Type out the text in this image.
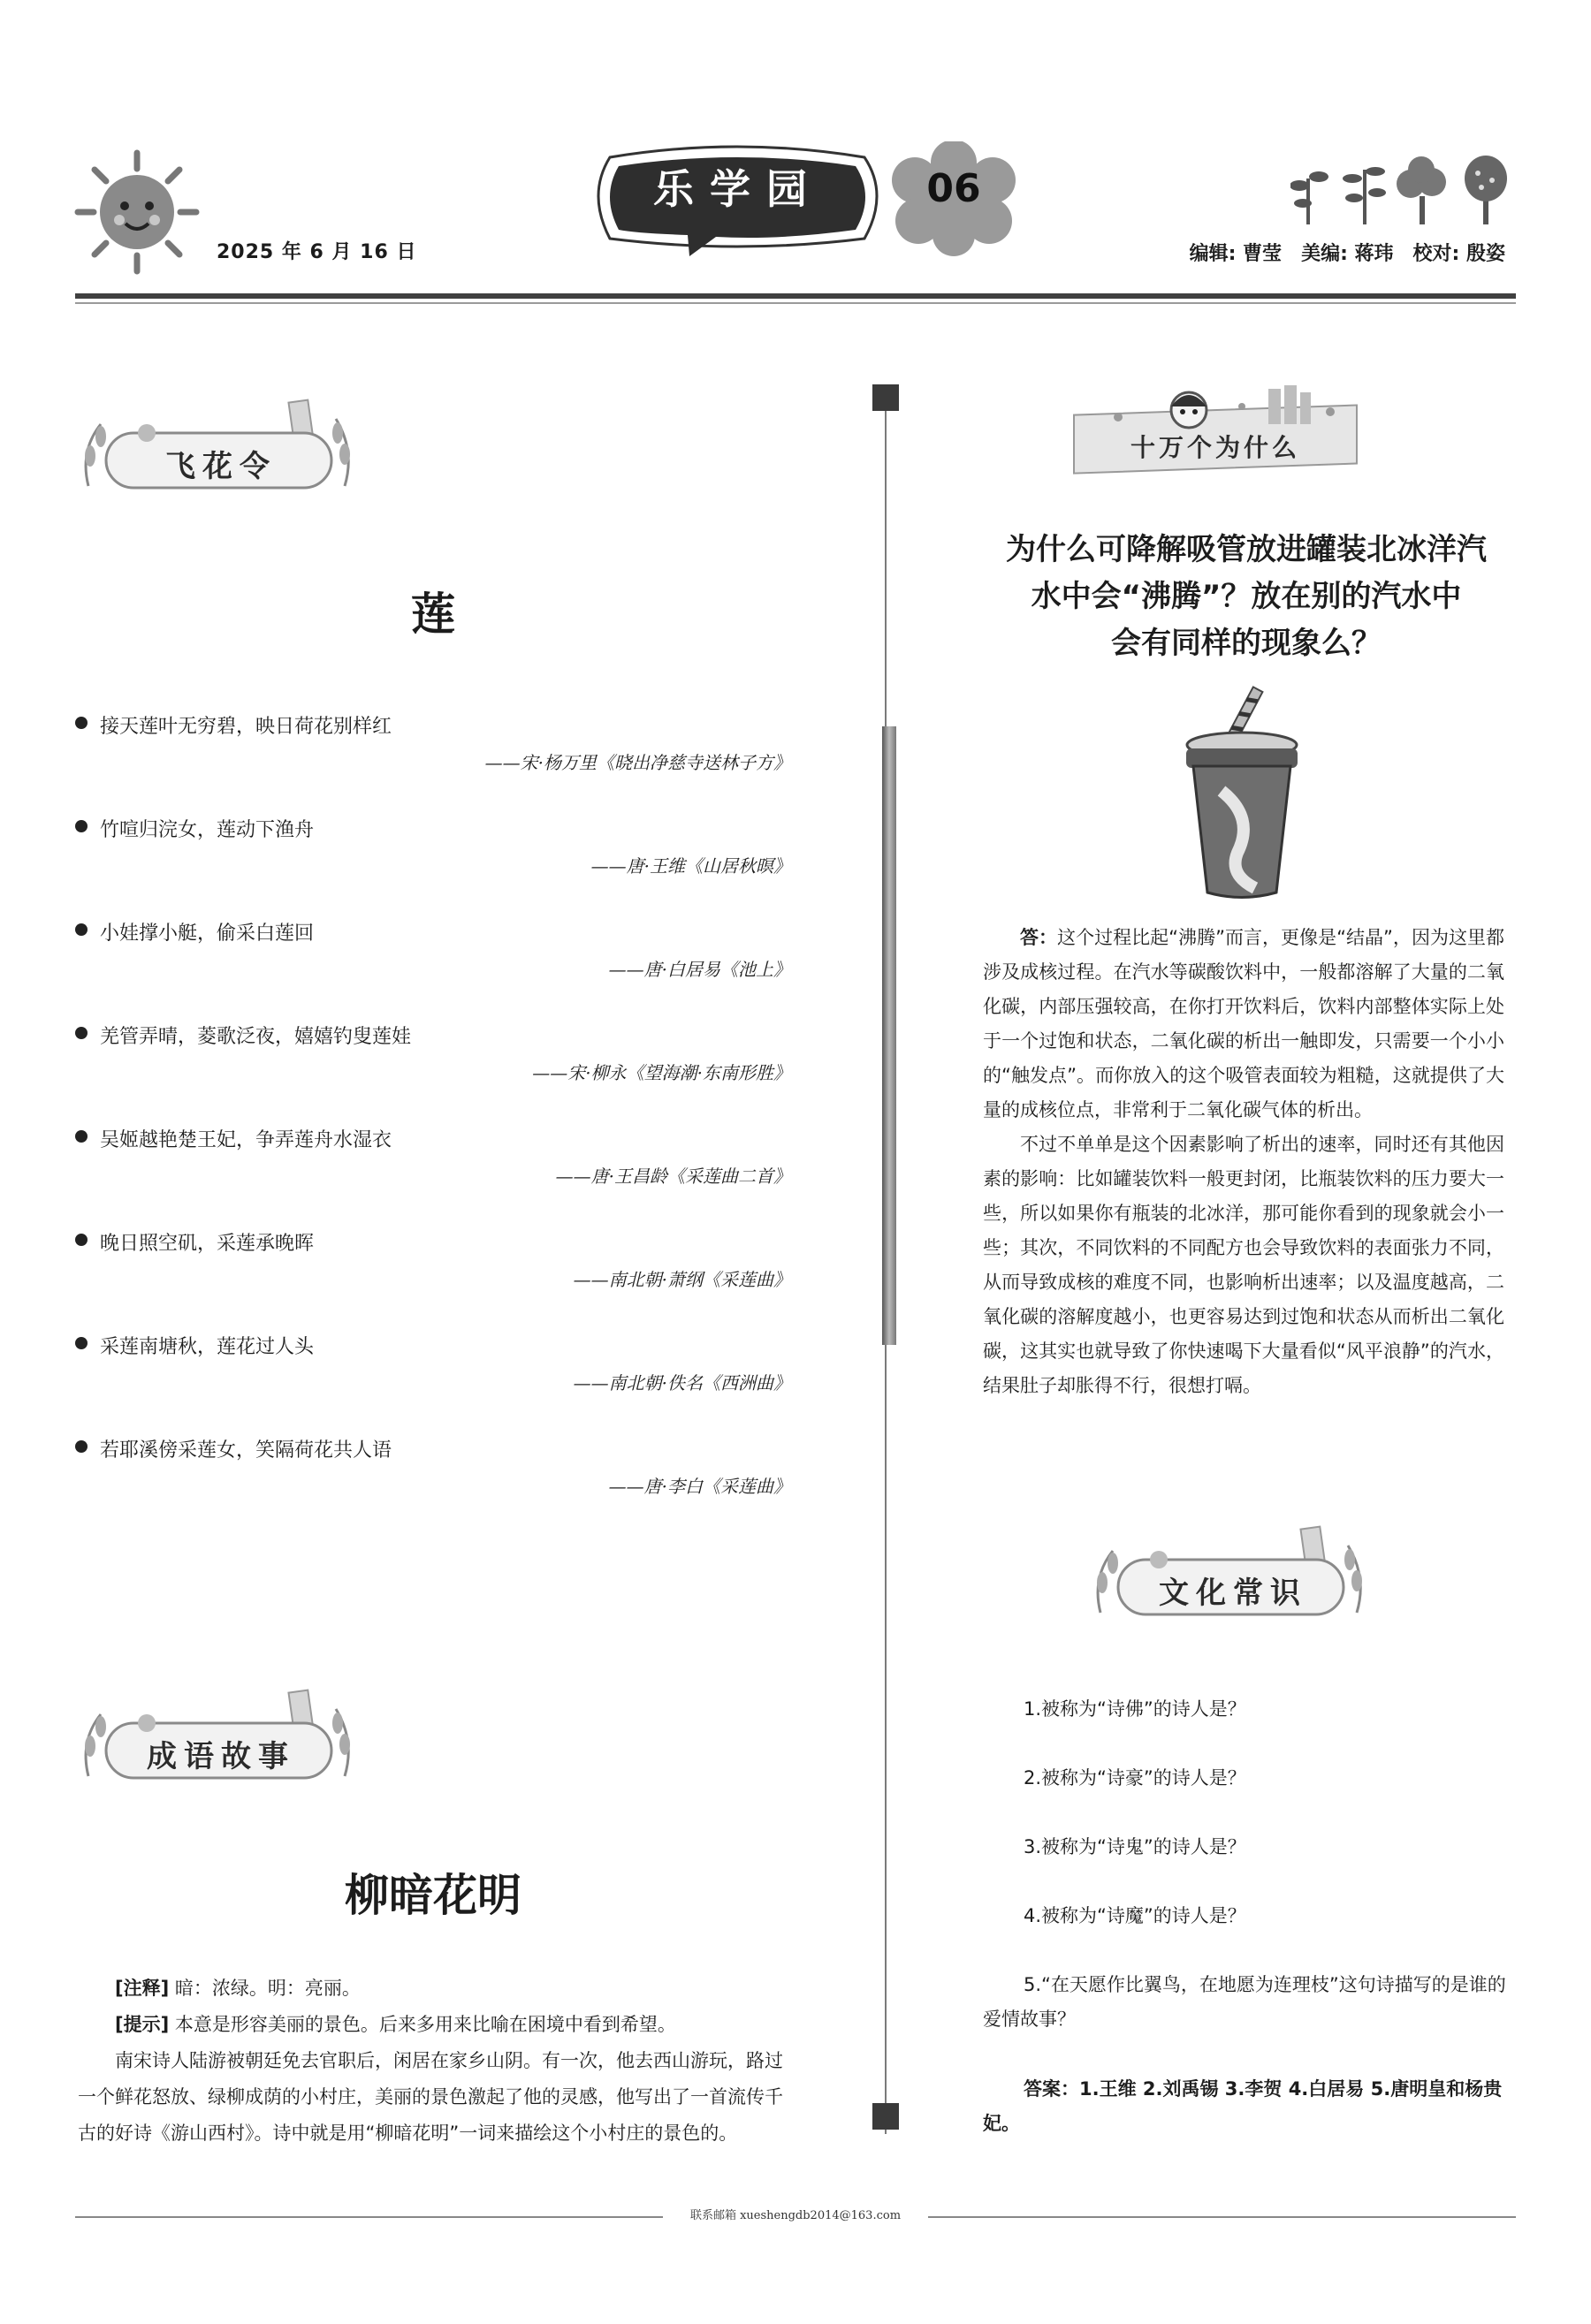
2025 年 6 月 16 日
乐学园	06
编辑: 曹莹 美编: 蒋玮 校对: 殷姿
飞花令
莲
接天莲叶无穷碧，映日荷花别样红
——宋·杨万里《晓出净慈寺送林子方》
竹喧归浣女，莲动下渔舟
——唐·王维《山居秋暝》
小娃撑小艇，偷采白莲回
——唐·白居易《池上》
羌管弄晴，菱歌泛夜，嬉嬉钓叟莲娃
——宋·柳永《望海潮·东南形胜》
吴姬越艳楚王妃，争弄莲舟水湿衣
——唐·王昌龄《采莲曲二首》
晚日照空矶，采莲承晚晖
——南北朝·萧纲《采莲曲》
采莲南塘秋，莲花过人头
——南北朝·佚名《西洲曲》
若耶溪傍采莲女，笑隔荷花共人语
——唐·李白《采莲曲》
成语故事
柳暗花明

[注释] 暗：浓绿。明：亮丽。

[提示] 本意是形容美丽的景色。后来多用来比喻在困境中看到希望。

南宋诗人陆游被朝廷免去官职后，闲居在家乡山阴。有一次，他去西山游玩，路过一个鲜花怒放、绿柳成荫的小村庄，美丽的景色激起了他的灵感，他写出了一首流传千古的好诗《游山西村》。诗中就是用“柳暗花明”一词来描绘这个小村庄的景色的。

十万个为什么
为什么可降解吸管放进罐装北冰洋汽
水中会“沸腾”？放在别的汽水中
会有同样的现象么？

答：这个过程比起“沸腾”而言，更像是“结晶”，因为这里都涉及成核过程。在汽水等碳酸饮料中，一般都溶解了大量的二氧化碳，内部压强较高，在你打开饮料后，饮料内部整体实际上处于一个过饱和状态，二氧化碳的析出一触即发，只需要一个小小的“触发点”。而你放入的这个吸管表面较为粗糙，这就提供了大量的成核位点，非常利于二氧化碳气体的析出。

不过不单单是这个因素影响了析出的速率，同时还有其他因素的影响：比如罐装饮料一般更封闭，比瓶装饮料的压力要大一些，所以如果你有瓶装的北冰洋，那可能你看到的现象就会小一些；其次，不同饮料的不同配方也会导致饮料的表面张力不同，从而导致成核的难度不同，也影响析出速率；以及温度越高，二氧化碳的溶解度越小，也更容易达到过饱和状态从而析出二氧化碳，这其实也就导致了你快速喝下大量看似“风平浪静”的汽水，结果肚子却胀得不行，很想打嗝。

文化常识
1.被称为“诗佛”的诗人是？
2.被称为“诗豪”的诗人是？
3.被称为“诗鬼”的诗人是？
4.被称为“诗魔”的诗人是？
5.“在天愿作比翼鸟，在地愿为连理枝”这句诗描写的是谁的爱情故事？
答案：1.王维 2.刘禹锡 3.李贺 4.白居易 5.唐明皇和杨贵妃。
联系邮箱 xueshengdb2014@163.com
